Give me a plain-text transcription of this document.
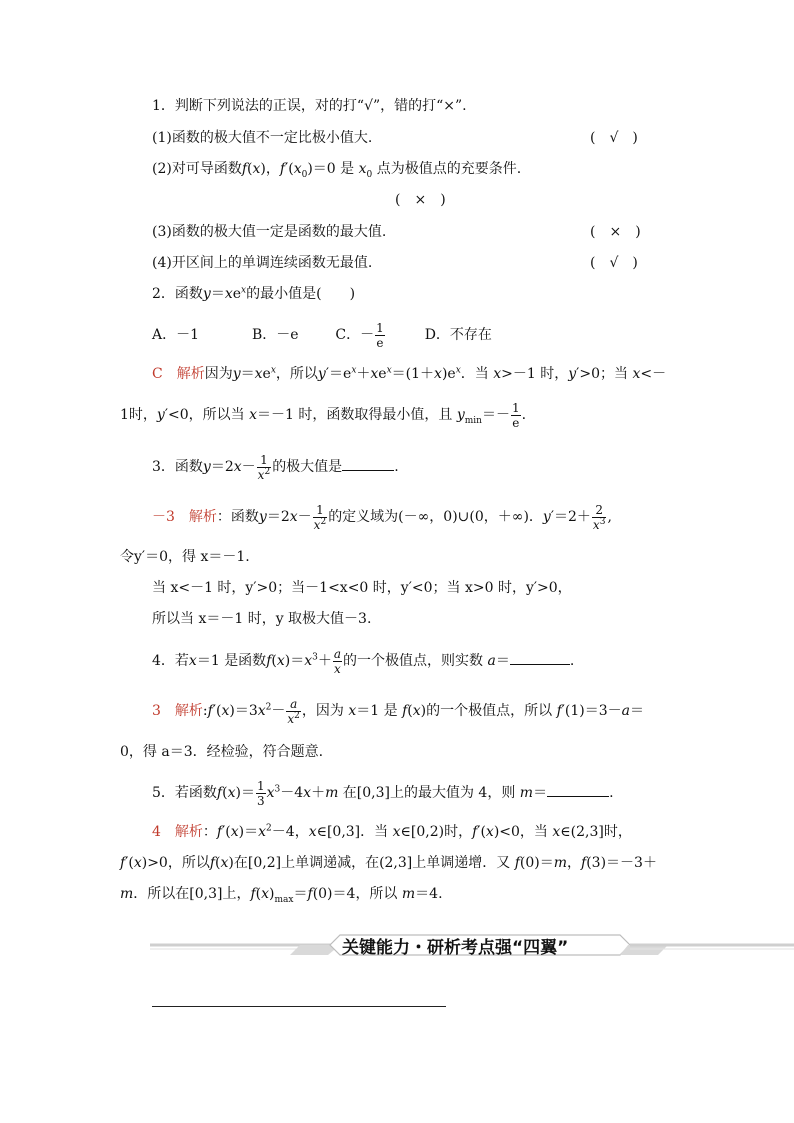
1．判断下列说法的正误，对的打“√”，错的打“×”.
(1)函数的极大值不一定比极小值大.	(　√　)
(2)对可导函数f(x)，$f'(x_0)=0$ 是 $x_0$ 点为极值点的充要条件.
(　×　)
(3)函数的极大值一定是函数的最大值.	(　×　)
(4)开区间上的单调连续函数无最值.	(　√　)
2．函数$y=xe^x$的最小值是(　　)
A．－1	B．－e	C．－ $\frac{1}{e}$	D．不存在
C　 解析因为$y=xe^x$，所以$y'=e^x+xe^x=(1+x)e^x$．当 x>－1 时，y′>0；当 x<－
1时，y′<0，所以当 x＝－1 时，函数取得最小值，且 $y_{min}=- \frac{1}{e}$ .
3．函数$y=2x- \frac{1}{x^2}$ 的极大值是	.
－3　 解析：函数$y=2x- \frac{1}{x^2}$ 的定义域为(－∞，0)∪(0，＋∞)．$y'=2+ \frac{2}{x^3}$ ,
令y′＝0，得 x＝－1.
当 x<－1 时，y′>0；当－1<x<0 时，y′<0；当 x>0 时，y′>0，
所以当 x＝－1 时，y 取极大值－3.
4．若x＝1 是函数$f(x)=x^3+ \frac{a}{x}$ 的一个极值点，则实数 a＝	.
3　 解析$:f'(x)=3x^2- \frac{a}{x^2}$ ，因为 x＝1 是 f(x)的一个极值点，所以 f′(1)＝3－a＝
0，得 a＝3．经检验，符合题意.
5．若函数$f(x)= \frac{1}{3} x^3-4x+m$ 在[0,3]上的最大值为 4，则 m＝	.
4　 解析：$f'(x)=x^2-4$，x∈[0,3]．当 x∈[0,2)时，f′(x)<0，当 x∈(2,3]时，
f′(x)>0，所以f(x)在[0,2]上单调递减，在(2,3]上单调递增．又 f(0)＝m，f(3)＝－3＋
m．所以在[0,3]上，$f(x)_{max}=f(0)=4$，所以 m＝4.
关键能力・研析考点强“四翼”
